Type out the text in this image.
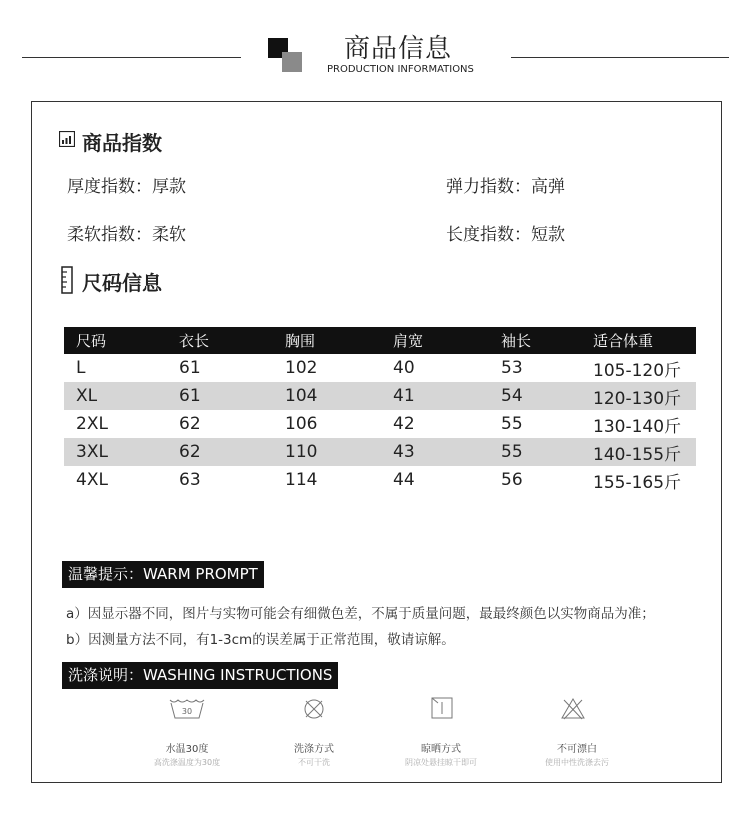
商品信息
PRODUCTION INFORMATIONS
商品指数
厚度指数：厚款	弹力指数：高弹
柔软指数：柔软	长度指数：短款
尺码信息
尺码	衣长	胸围	肩宽	袖长	适合体重
L	61	102	40	53	105-120斤
XL	61	104	41	54	120-130斤
2XL	62	106	42	55	130-140斤
3XL	62	110	43	55	140-155斤
4XL	63	114	44	56	155-165斤
温馨提示：WARM PROMPT
a）因显示器不同，图片与实物可能会有细微色差，不属于质量问题，最最终颜色以实物商品为准；
b）因测量方法不同，有1-3cm的误差属于正常范围，敬请谅解。
洗涤说明：WASHING INSTRUCTIONS
30
水温30度
高洗涤温度为30度
洗涤方式
不可干洗
晾晒方式
阴凉处悬挂晾干即可
不可漂白
使用中性洗涤去污
